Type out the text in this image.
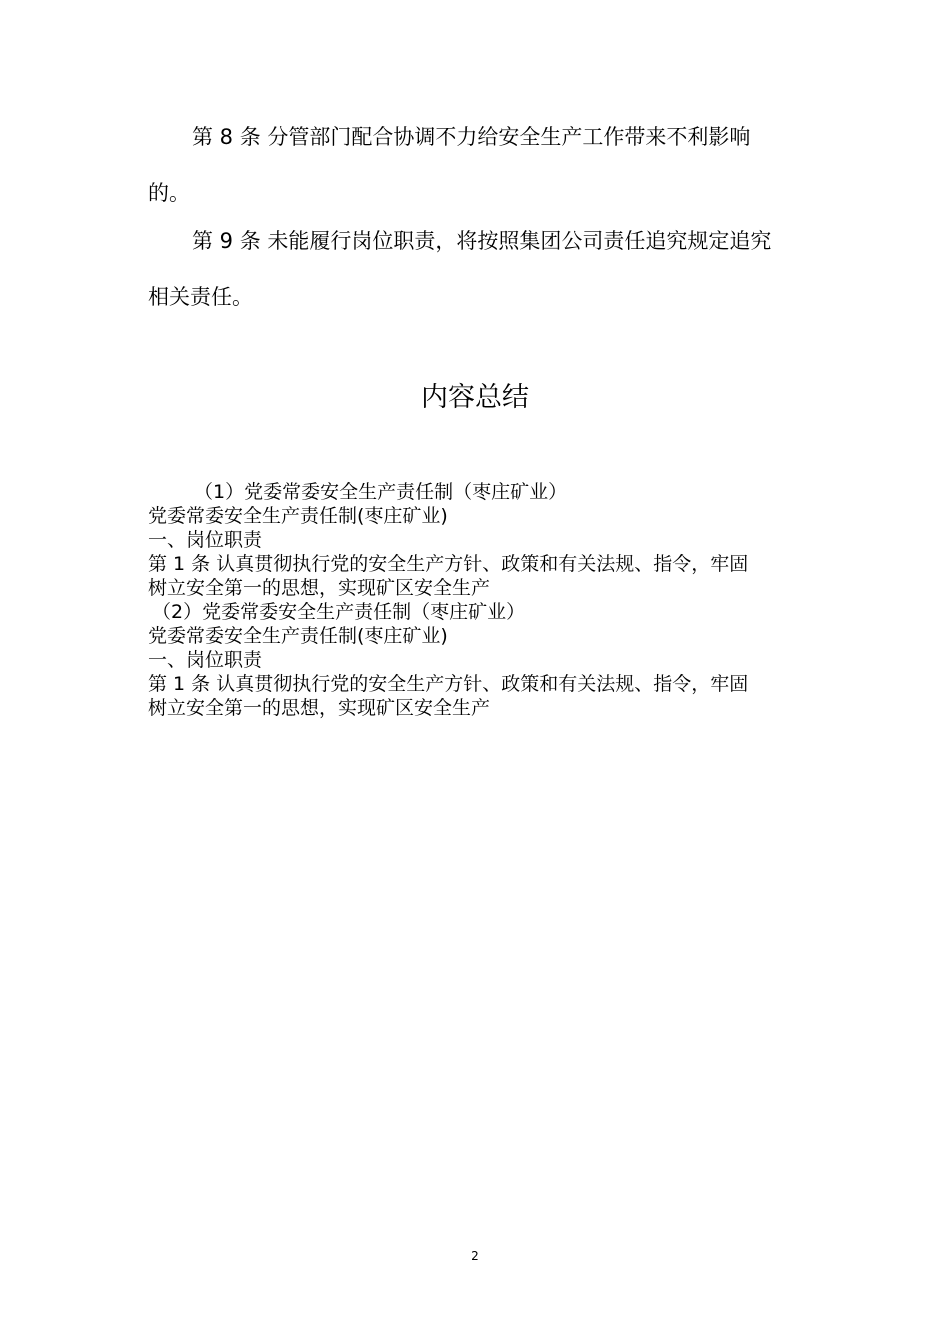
第 8 条 分管部门配合协调不力给安全生产工作带来不利影响
的。
第 9 条 未能履行岗位职责，将按照集团公司责任追究规定追究
相关责任。
内容总结
（1）党委常委安全生产责任制（枣庄矿业）
党委常委安全生产责任制(枣庄矿业)
一、岗位职责
第 1 条 认真贯彻执行党的安全生产方针、政策和有关法规、指令，牢固
树立安全第一的思想，实现矿区安全生产
（2）党委常委安全生产责任制（枣庄矿业）
党委常委安全生产责任制(枣庄矿业)
一、岗位职责
第 1 条 认真贯彻执行党的安全生产方针、政策和有关法规、指令，牢固
树立安全第一的思想，实现矿区安全生产
2
